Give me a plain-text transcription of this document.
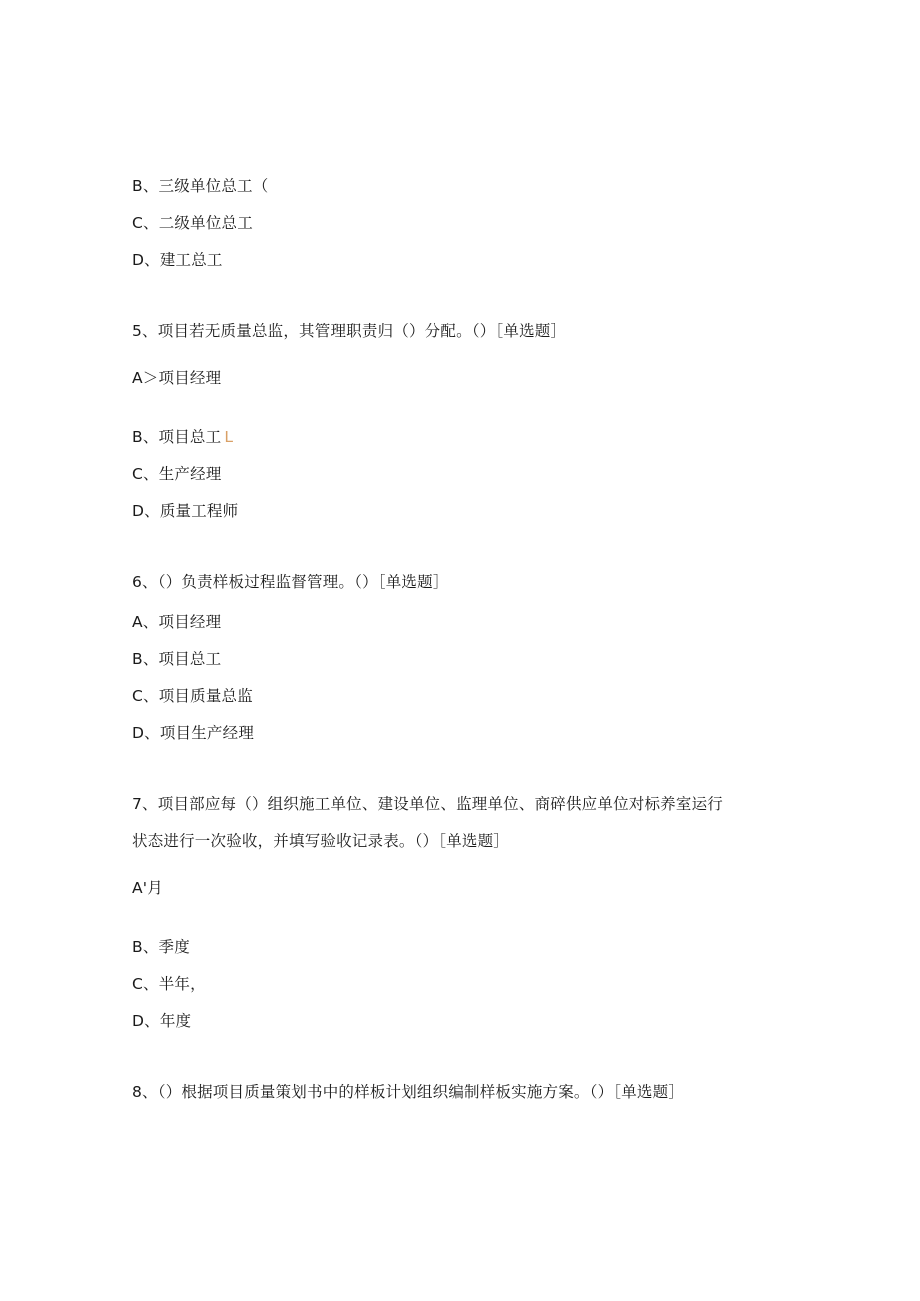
B、三级单位总工（
C、二级单位总工
D、建工总工
5、项目若无质量总监，其管理职责归（）分配。（）［单选题］
A＞项目经理
B、项目总工 L
C、生产经理
D、质量工程师
6、（）负责样板过程监督管理。（）［单选题］
A、项目经理
B、项目总工
C、项目质量总监
D、项目生产经理
7、项目部应每（）组织施工单位、建设单位、监理单位、商碎供应单位对标养室运行
状态进行一次验收，并填写验收记录表。（）［单选题］
A'月
B、季度
C、半年，
D、年度
8、（）根据项目质量策划书中的样板计划组织编制样板实施方案。（）［单选题］
